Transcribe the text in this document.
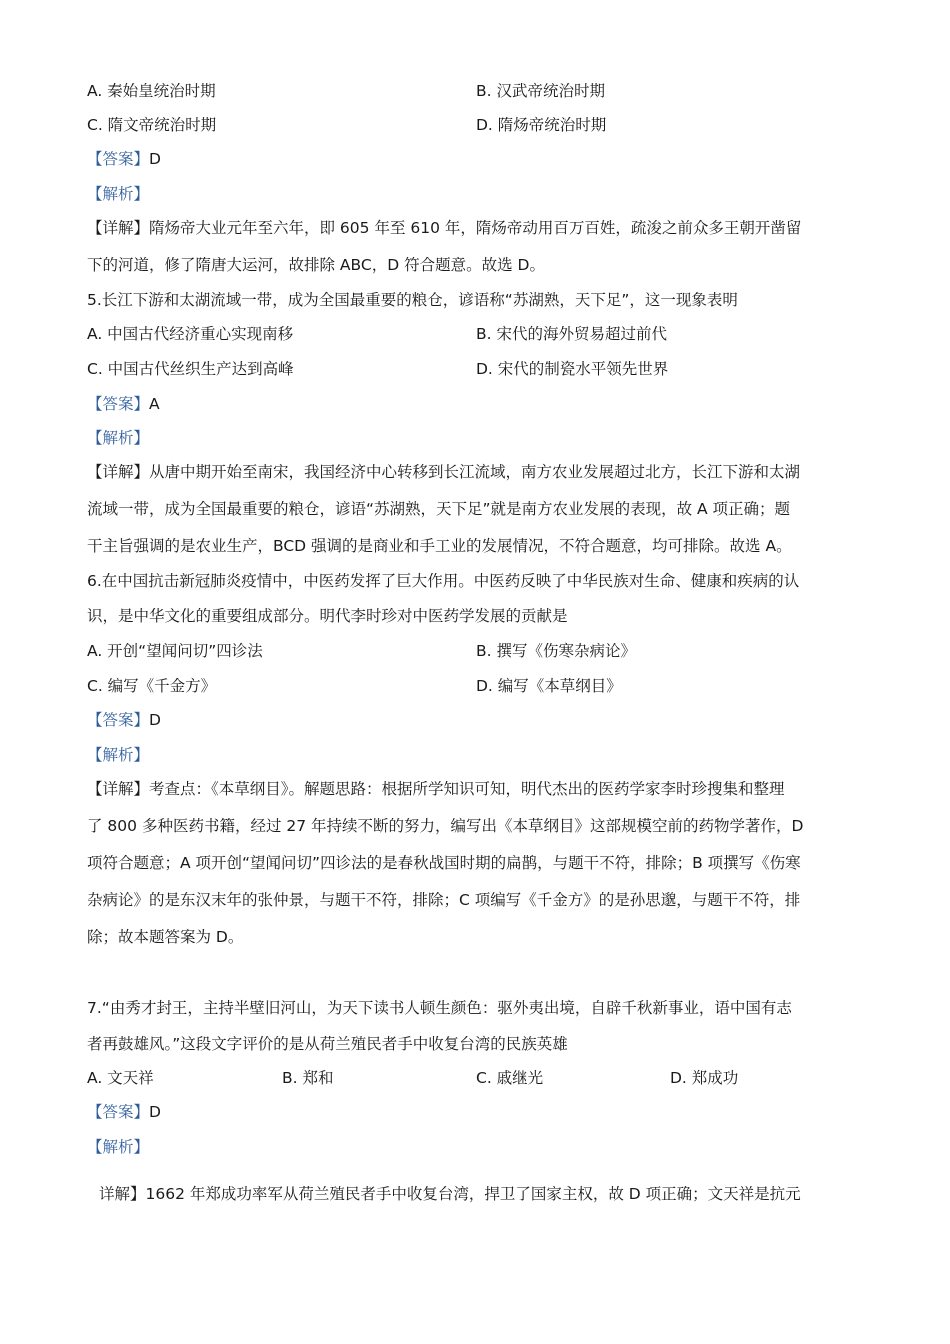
A. 秦始皇统治时期	B. 汉武帝统治时期
C. 隋文帝统治时期	D. 隋炀帝统治时期
【答案】D
【解析】
【详解】隋炀帝大业元年至六年，即 605 年至 610 年，隋炀帝动用百万百姓，疏浚之前众多王朝开凿留
下的河道，修了隋唐大运河，故排除 ABC，D 符合题意。故选 D。
5.长江下游和太湖流域一带，成为全国最重要的粮仓，谚语称“苏湖熟，天下足”，这一现象表明
A. 中国古代经济重心实现南移	B. 宋代的海外贸易超过前代
C. 中国古代丝织生产达到高峰	D. 宋代的制瓷水平领先世界
【答案】A
【解析】
【详解】从唐中期开始至南宋，我国经济中心转移到长江流域，南方农业发展超过北方，长江下游和太湖
流域一带，成为全国最重要的粮仓，谚语“苏湖熟，天下足”就是南方农业发展的表现，故 A 项正确；题
干主旨强调的是农业生产，BCD 强调的是商业和手工业的发展情况，不符合题意，均可排除。故选 A。
6.在中国抗击新冠肺炎疫情中，中医药发挥了巨大作用。中医药反映了中华民族对生命、健康和疾病的认
识，是中华文化的重要组成部分。明代李时珍对中医药学发展的贡献是
A. 开创“望闻问切”四诊法	B. 撰写《伤寒杂病论》
C. 编写《千金方》	D. 编写《本草纲目》
【答案】D
【解析】
【详解】考查点：《本草纲目》。解题思路：根据所学知识可知，明代杰出的医药学家李时珍搜集和整理
了 800 多种医药书籍，经过 27 年持续不断的努力，编写出《本草纲目》这部规模空前的药物学著作，D
项符合题意；A 项开创“望闻问切”四诊法的是春秋战国时期的扁鹊，与题干不符，排除；B 项撰写《伤寒
杂病论》的是东汉末年的张仲景，与题干不符，排除；C 项编写《千金方》的是孙思邈，与题干不符，排
除；故本题答案为 D。
7.“由秀才封王，主持半壁旧河山，为天下读书人顿生颜色：驱外夷出境，自辟千秋新事业，语中国有志
者再鼓雄风。”这段文字评价的是从荷兰殖民者手中收复台湾的民族英雄
A. 文天祥	B. 郑和	C. 戚继光	D. 郑成功
【答案】D
【解析】
详解】1662 年郑成功率军从荷兰殖民者手中收复台湾，捍卫了国家主权，故 D 项正确；文天祥是抗元
